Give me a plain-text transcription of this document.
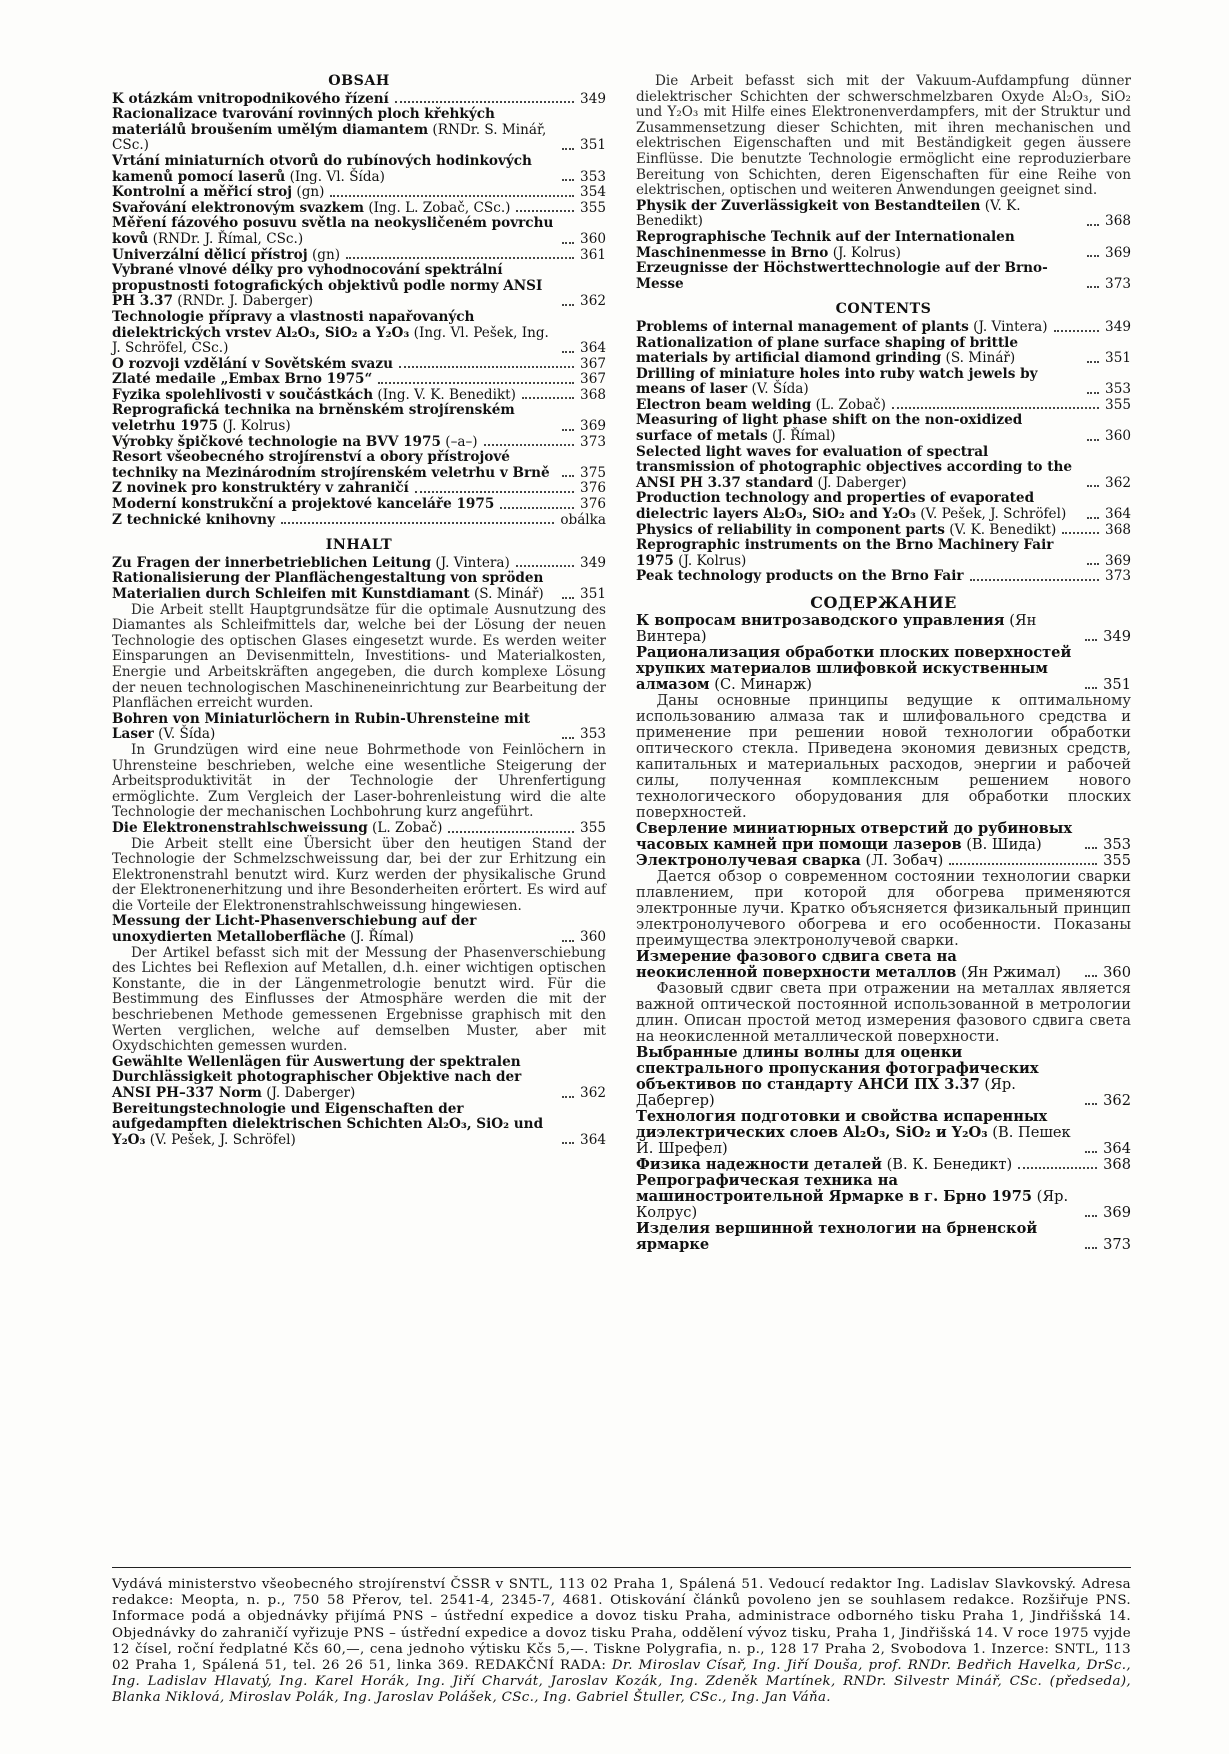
OBSAH
K otázkám vnitropodnikového řízení	349
Racionalizace tvarování rovinných ploch křehkých materiálů broušením umělým diamantem (RNDr. S. Minář, CSc.)	351
Vrtání miniaturních otvorů do rubínových hodinkových kamenů pomocí laserů (Ing. Vl. Šída)	353
Kontrolní a měřicí stroj (gn)	354
Svařování elektronovým svazkem (Ing. L. Zobač, CSc.)	355
Měření fázového posuvu světla na neokysličeném povrchu kovů (RNDr. J. Římal, CSc.)	360
Univerzální dělicí přístroj (gn)	361
Vybrané vlnové délky pro vyhodnocování spektrální propustnosti fotografických objektivů podle normy ANSI PH 3.37 (RNDr. J. Daberger)	362
Technologie přípravy a vlastnosti napařovaných dielektrických vrstev Al₂O₃, SiO₂ a Y₂O₃ (Ing. Vl. Pešek, Ing. J. Schröfel, CSc.)	364
O rozvoji vzdělání v Sovětském svazu	367
Zlaté medaile „Embax Brno 1975“	367
Fyzika spolehlivosti v součástkách (Ing. V. K. Benedikt)	368
Reprografická technika na brněnském strojírenském veletrhu 1975 (J. Kolrus)	369
Výrobky špičkové technologie na BVV 1975 (–a–)	373
Resort všeobecného strojírenství a obory přístrojové techniky na Mezinárodním strojírenském veletrhu v Brně	375
Z novinek pro konstruktéry v zahraničí	376
Moderní konstrukční a projektové kanceláře 1975	376
Z technické knihovny	obálka
INHALT
Zu Fragen der innerbetrieblichen Leitung (J. Vintera)	349
Rationalisierung der Planflächengestaltung von spröden Materialien durch Schleifen mit Kunstdiamant (S. Minář)	351
Die Arbeit stellt Hauptgrundsätze für die optimale Ausnutzung des Diamantes als Schleifmittels dar, welche bei der Lösung der neuen Technologie des optischen Glases eingesetzt wurde. Es werden weiter Einsparungen an Devisenmitteln, Investitions- und Materialkosten, Energie und Arbeitskräften angegeben, die durch komplexe Lösung der neuen technologischen Maschineneinrichtung zur Bearbeitung der Planflächen erreicht wurden.
Bohren von Miniaturlöchern in Rubin-Uhrensteine mit Laser (V. Šída)	353
In Grundzügen wird eine neue Bohrmethode von Feinlöchern in Uhrensteine beschrieben, welche eine wesentliche Steigerung der Arbeitsproduktivität in der Technologie der Uhrenfertigung ermöglichte. Zum Vergleich der Laser-bohrenleistung wird die alte Technologie der mechanischen Lochbohrung kurz angeführt.
Die Elektronenstrahlschweissung (L. Zobač)	355
Die Arbeit stellt eine Übersicht über den heutigen Stand der Technologie der Schmelzschweissung dar, bei der zur Erhitzung ein Elektronenstrahl benutzt wird. Kurz werden der physikalische Grund der Elektronenerhitzung und ihre Besonderheiten erörtert. Es wird auf die Vorteile der Elektronenstrahlschweissung hingewiesen.
Messung der Licht-Phasenverschiebung auf der unoxydierten Metalloberfläche (J. Římal)	360
Der Artikel befasst sich mit der Messung der Phasenverschiebung des Lichtes bei Reflexion auf Metallen, d.h. einer wichtigen optischen Konstante, die in der Längenmetrologie benutzt wird. Für die Bestimmung des Einflusses der Atmosphäre werden die mit der beschriebenen Methode gemessenen Ergebnisse graphisch mit den Werten verglichen, welche auf demselben Muster, aber mit Oxydschichten gemessen wurden.
Gewählte Wellenlägen für Auswertung der spektralen Durchlässigkeit photographischer Objektive nach der ANSI PH–337 Norm (J. Daberger)	362
Bereitungstechnologie und Eigenschaften der aufgedampften dielektrischen Schichten Al₂O₃, SiO₂ und Y₂O₃ (V. Pešek, J. Schröfel)	364
Die Arbeit befasst sich mit der Vakuum-Aufdampfung dünner dielektrischer Schichten der schwerschmelzbaren Oxyde Al₂O₃, SiO₂ und Y₂O₃ mit Hilfe eines Elektronenverdampfers, mit der Struktur und Zusammensetzung dieser Schichten, mit ihren mechanischen und elektrischen Eigenschaften und mit Beständigkeit gegen äussere Einflüsse. Die benutzte Technologie ermöglicht eine reproduzierbare Bereitung von Schichten, deren Eigenschaften für eine Reihe von elektrischen, optischen und weiteren Anwendungen geeignet sind.
Physik der Zuverlässigkeit von Bestandteilen (V. K. Benedikt)	368
Reprographische Technik auf der Internationalen Maschinenmesse in Brno (J. Kolrus)	369
Erzeugnisse der Höchstwerttechnologie auf der Brno-Messe	373
CONTENTS
Problems of internal management of plants (J. Vintera)	349
Rationalization of plane surface shaping of brittle materials by artificial diamond grinding (S. Minář)	351
Drilling of miniature holes into ruby watch jewels by means of laser (V. Šída)	353
Electron beam welding (L. Zobač)	355
Measuring of light phase shift on the non-oxidized surface of metals (J. Římal)	360
Selected light waves for evaluation of spectral transmission of photographic objectives according to the ANSI PH 3.37 standard (J. Daberger)	362
Production technology and properties of evaporated dielectric layers Al₂O₃, SiO₂ and Y₂O₃ (V. Pešek, J. Schröfel)	364
Physics of reliability in component parts (V. K. Benedikt)	368
Reprographic instruments on the Brno Machinery Fair 1975 (J. Kolrus)	369
Peak technology products on the Brno Fair	373
СОДЕРЖАНИЕ
К вопросам внитрозаводского управления (Ян Винтера)	349
Рационализация обработки плоских поверхностей хрупких материалов шлифовкой искуственным алмазом (С. Минарж)	351
Даны основные принципы ведущие к оптимальному использованию алмаза так и шлифовального средства и применение при решении новой технологии обработки оптического стекла. Приведена экономия девизных средств, капитальных и материальных расходов, энергии и рабочей силы, полученная комплексным решением нового технологического оборудования для обработки плоских поверхностей.
Сверление миниатюрных отверстий до рубиновых часовых камней при помощи лазеров (В. Шида)	353
Электронолучевая сварка (Л. Зобач)	355
Дается обзор о современном состоянии технологии сварки плавлением, при которой для обогрева применяются электронные лучи. Кратко объясняется физикальный принцип электронолучевого обогрева и его особенности. Показаны преимущества электронолучевой сварки.
Измерение фазового сдвига света на неокисленной поверхности металлов (Ян Ржимал)	360
Фазовый сдвиг света при отражении на металлах является важной оптической постоянной использованной в метрологии длин. Описан простой метод измерения фазового сдвига света на неокисленной металлической поверхности.
Выбранные длины волны для оценки спектрального пропускания фотографических объективов по стандарту АНСИ ПХ 3.37 (Яр. Дабергер)	362
Технология подготовки и свойства испаренных диэлектрических слоев Al₂O₃, SiO₂ и Y₂O₃ (В. Пешек Й. Шрефел)	364
Физика надежности деталей (В. К. Бенедикт)	368
Репрографическая техника на машиностроительной Ярмарке в г. Брно 1975 (Яр. Колрус)	369
Изделия вершинной технологии на брненской ярмарке	373
Vydává ministerstvo všeobecného strojírenství ČSSR v SNTL, 113 02 Praha 1, Spálená 51. Vedoucí redaktor Ing. Ladislav Slavkovský. Adresa redakce: Meopta, n. p., 750 58 Přerov, tel. 2541-4, 2345-7, 4681. Otiskování článků povoleno jen se souhlasem redakce. Rozšiřuje PNS. Informace podá a objednávky přijímá PNS – ústřední expedice a dovoz tisku Praha, administrace odborného tisku Praha 1, Jindřišská 14. Objednávky do zahraničí vyřizuje PNS – ústřední expedice a dovoz tisku Praha, oddělení vývoz tisku, Praha 1, Jindřišská 14. V roce 1975 vyjde 12 čísel, roční ředplatné Kčs 60,—, cena jednoho výtisku Kčs 5,—. Tiskne Polygrafia, n. p., 128 17 Praha 2, Svobodova 1. Inzerce: SNTL, 113 02 Praha 1, Spálená 51, tel. 26 26 51, linka 369. REDAKČNÍ RADA: Dr. Miroslav Císař, Ing. Jiří Douša, prof. RNDr. Bedřich Havelka, DrSc., Ing. Ladislav Hlavatý, Ing. Karel Horák, Ing. Jiří Charvát, Jaroslav Kozák, Ing. Zdeněk Martínek, RNDr. Silvestr Minář, CSc. (předseda), Blanka Niklová, Miroslav Polák, Ing. Jaroslav Polášek, CSc., Ing. Gabriel Štuller, CSc., Ing. Jan Váňa.
